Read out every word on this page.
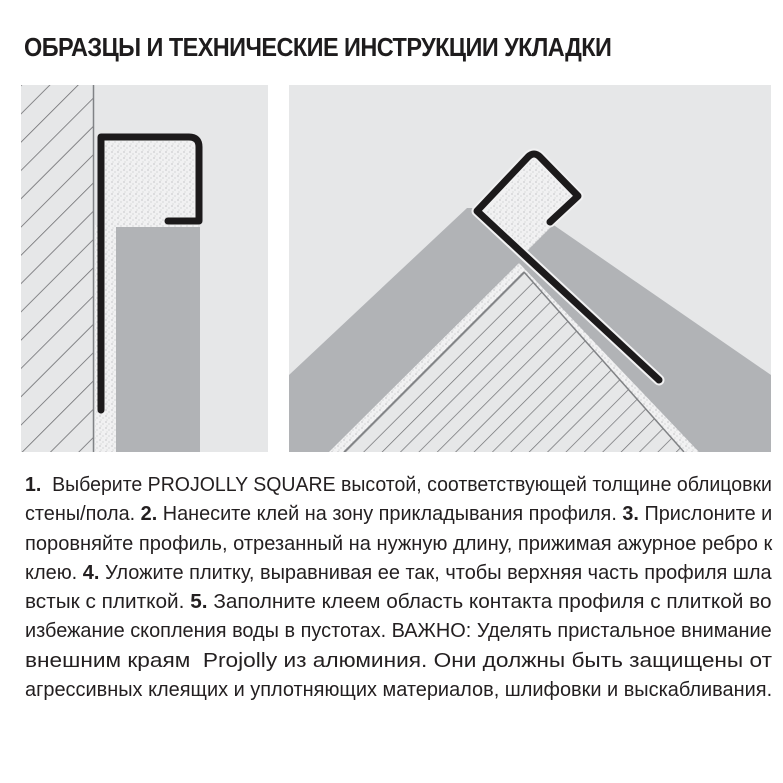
ОБРАЗЦЫ И ТЕХНИЧЕСКИЕ ИНСТРУКЦИИ УКЛАДКИ
1.  Выберите PROJOLLY SQUARE высотой, соответствующей толщине облицовки
стены/пола. 2. Нанесите клей на зону прикладывания профиля. 3. Прислоните и
поровняйте профиль, отрезанный на нужную длину, прижимая ажурное ребро к
клею. 4. Уложите плитку, выравнивая ее так, чтобы верхняя часть профиля шла
встык с плиткой. 5. Заполните клеем область контакта профиля с плиткой во
избежание скопления воды в пустотах. ВАЖНО: Уделять пристальное внимание
внешним краям  Projolly из алюминия. Они должны быть защищены от
агрессивных клеящих и уплотняющих материалов, шлифовки и выскабливания.
